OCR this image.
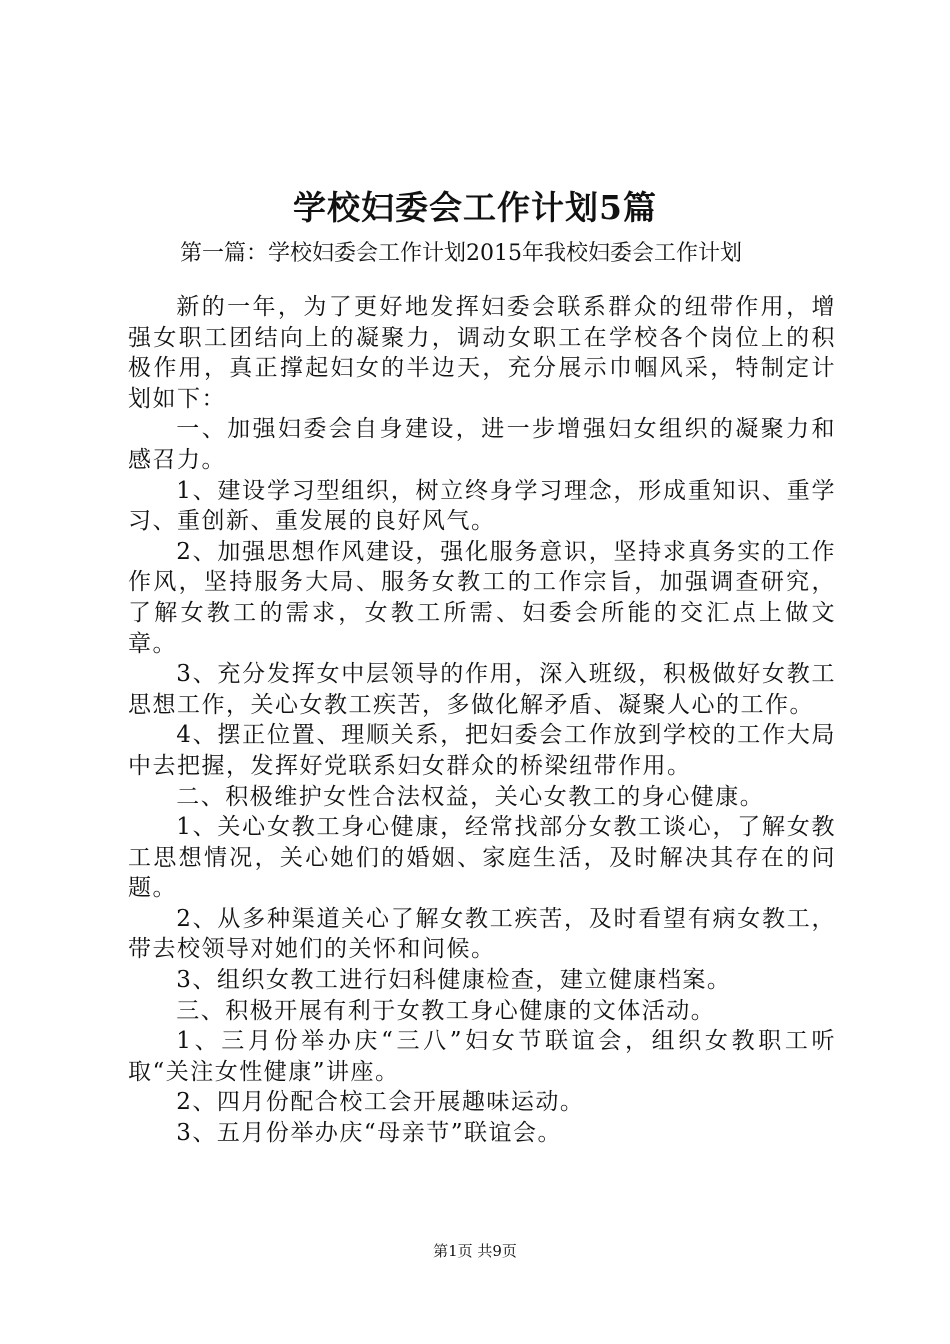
学校妇委会工作计划5篇
第一篇：学校妇委会工作计划2015年我校妇委会工作计划

新的一年，为了更好地发挥妇委会联系群众的纽带作用，增强女职工团结向上的凝聚力，调动女职工在学校各个岗位上的积极作用，真正撑起妇女的半边天，充分展示巾帼风采，特制定计划如下：

一、加强妇委会自身建设，进一步增强妇女组织的凝聚力和感召力。

1、建设学习型组织，树立终身学习理念，形成重知识、重学习、重创新、重发展的良好风气。

2、加强思想作风建设，强化服务意识，坚持求真务实的工作作风，坚持服务大局、服务女教工的工作宗旨，加强调查研究，了解女教工的需求，女教工所需、妇委会所能的交汇点上做文章。

3、充分发挥女中层领导的作用，深入班级，积极做好女教工思想工作，关心女教工疾苦，多做化解矛盾、凝聚人心的工作。

4、摆正位置、理顺关系，把妇委会工作放到学校的工作大局中去把握，发挥好党联系妇女群众的桥梁纽带作用。

二、积极维护女性合法权益，关心女教工的身心健康。

1、关心女教工身心健康，经常找部分女教工谈心，了解女教工思想情况，关心她们的婚姻、家庭生活，及时解决其存在的问题。

2、从多种渠道关心了解女教工疾苦，及时看望有病女教工，带去校领导对她们的关怀和问候。

3、组织女教工进行妇科健康检查，建立健康档案。

三、积极开展有利于女教工身心健康的文体活动。

1、三月份举办庆“三八”妇女节联谊会，组织女教职工听取“关注女性健康”讲座。

2、四月份配合校工会开展趣味运动。

3、五月份举办庆“母亲节”联谊会。

第1页 共9页
